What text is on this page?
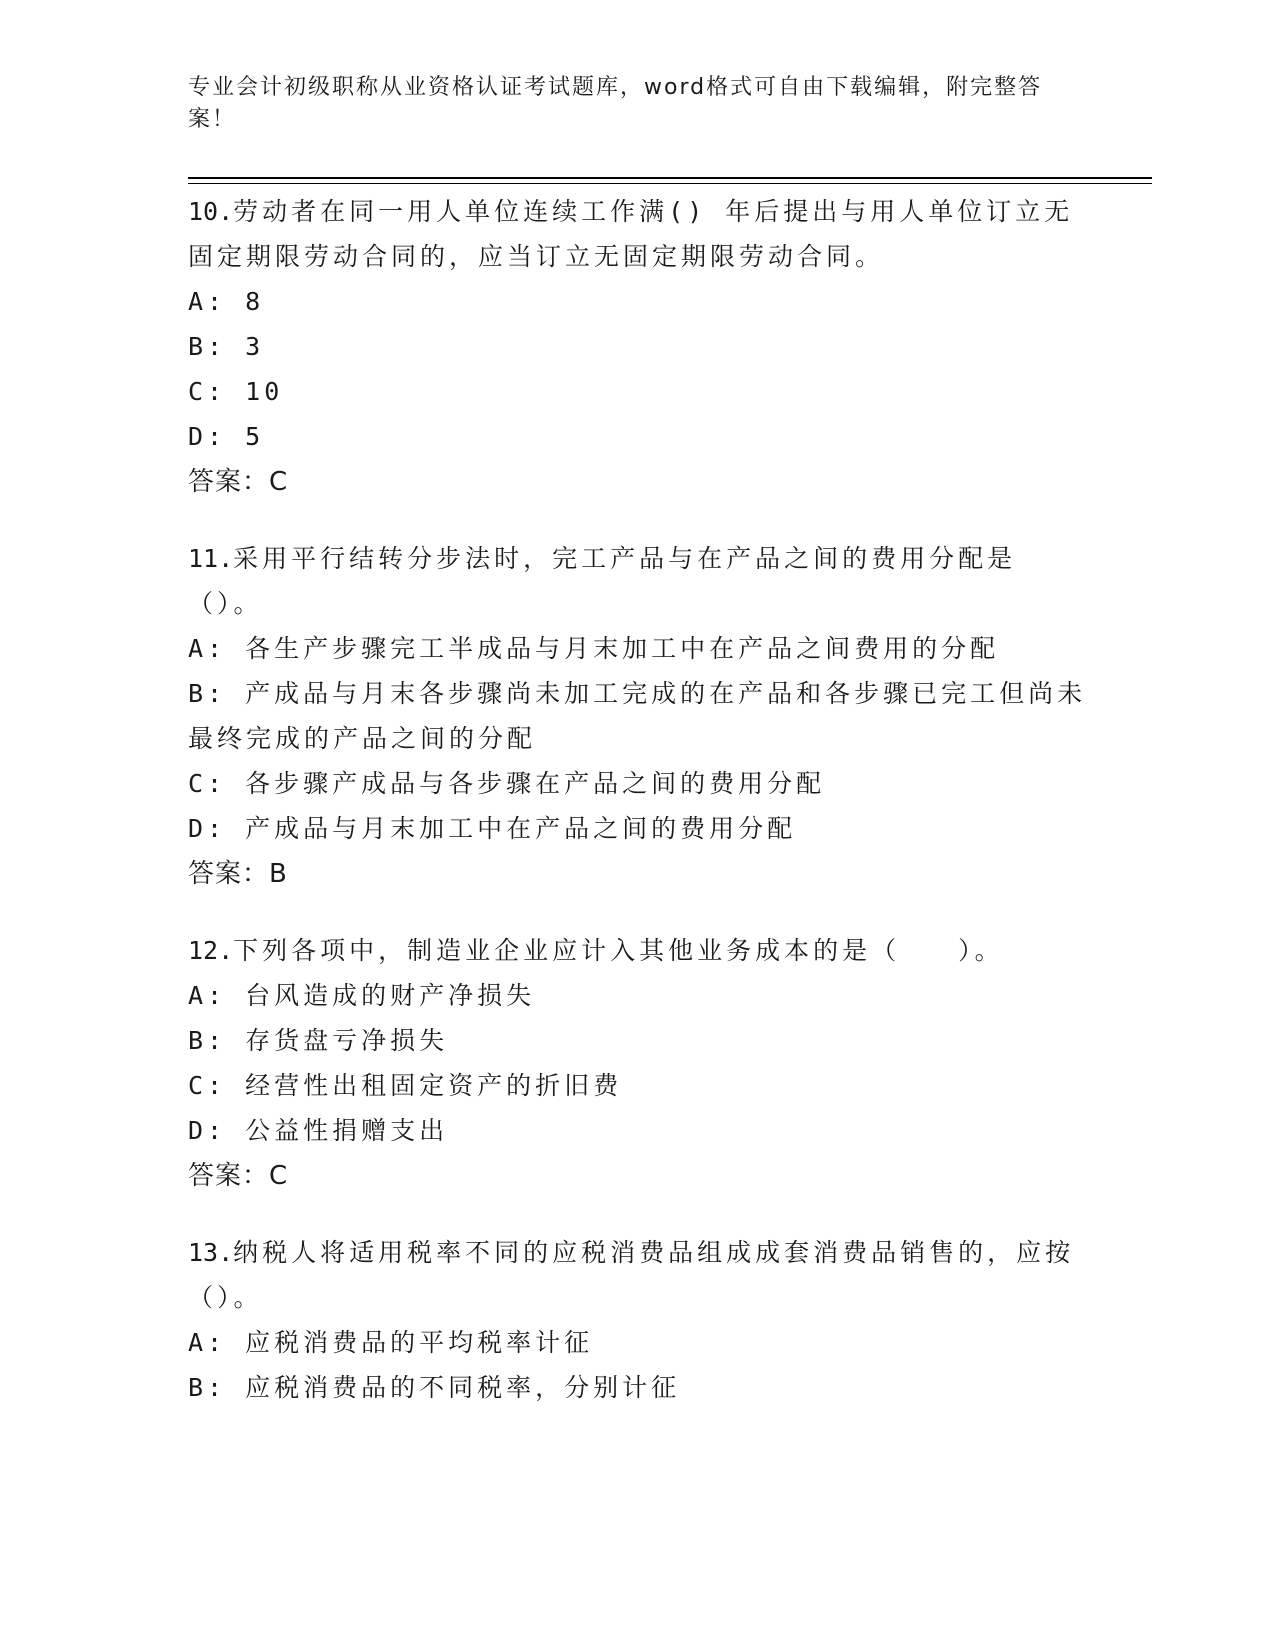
专业会计初级职称从业资格认证考试题库，word格式可自由下载编辑，附完整答案！
10.劳动者在同一用人单位连续工作满() 年后提出与用人单位订立无固定期限劳动合同的，应当订立无固定期限劳动合同。
A: 8
B: 3
C: 10
D: 5
答案：C
11.采用平行结转分步法时，完工产品与在产品之间的费用分配是（）。
A: 各生产步骤完工半成品与月末加工中在产品之间费用的分配
B: 产成品与月末各步骤尚未加工完成的在产品和各步骤已完工但尚未最终完成的产品之间的分配
C: 各步骤产成品与各步骤在产品之间的费用分配
D: 产成品与月末加工中在产品之间的费用分配
答案：B
12.下列各项中，制造业企业应计入其他业务成本的是（　　）。
A: 台风造成的财产净损失
B: 存货盘亏净损失
C: 经营性出租固定资产的折旧费
D: 公益性捐赠支出
答案：C
13.纳税人将适用税率不同的应税消费品组成成套消费品销售的，应按（）。
A: 应税消费品的平均税率计征
B: 应税消费品的不同税率，分别计征
